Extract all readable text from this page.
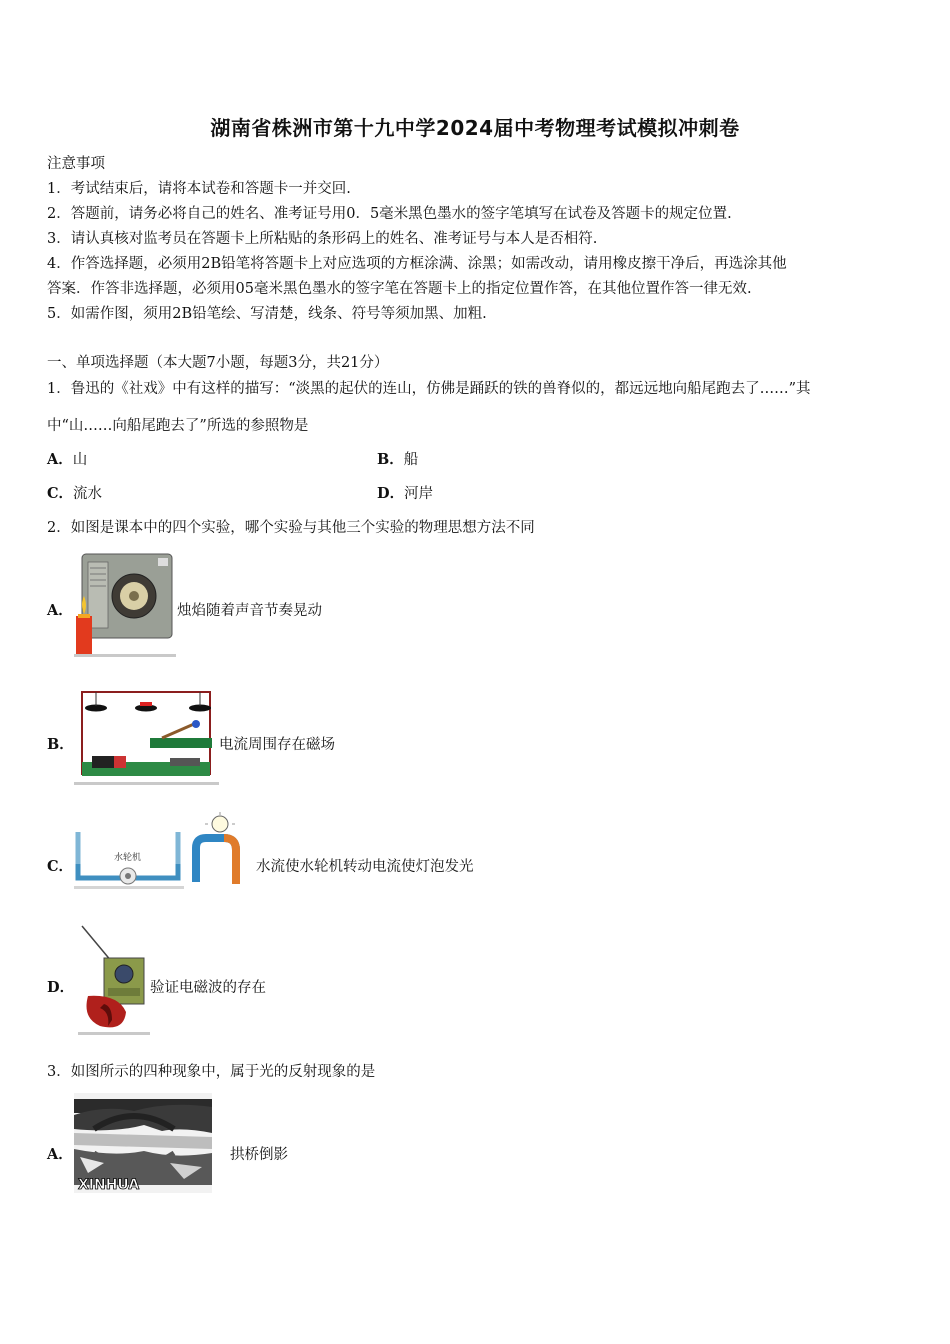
湖南省株洲市第十九中学2024届中考物理考试模拟冲刺卷
注意事项
1．考试结束后，请将本试卷和答题卡一并交回.
2．答题前，请务必将自己的姓名、准考证号用0．5毫米黑色墨水的签字笔填写在试卷及答题卡的规定位置.
3．请认真核对监考员在答题卡上所粘贴的条形码上的姓名、准考证号与本人是否相符.
4．作答选择题，必须用2B铅笔将答题卡上对应选项的方框涂满、涂黑；如需改动，请用橡皮擦干净后，再选涂其他
答案．作答非选择题，必须用05毫米黑色墨水的签字笔在答题卡上的指定位置作答，在其他位置作答一律无效.
5．如需作图，须用2B铅笔绘、写清楚，线条、符号等须加黑、加粗.
一、单项选择题（本大题7小题，每题3分，共21分）
1．鲁迅的《社戏》中有这样的描写：“淡黑的起伏的连山，仿佛是踊跃的铁的兽脊似的，都远远地向船尾跑去了……”其
中“山……向船尾跑去了”所选的参照物是
A．山	B．船
C．流水	D．河岸
2．如图是课本中的四个实验，哪个实验与其他三个实验的物理思想方法不同
A．	烛焰随着声音节奏晃动
B．	电流周围存在磁场
C．	水轮机
水流使水轮机转动电流使灯泡发光
D．	验证电磁波的存在
3．如图所示的四种现象中，属于光的反射现象的是
A．
XINHUA
拱桥倒影
